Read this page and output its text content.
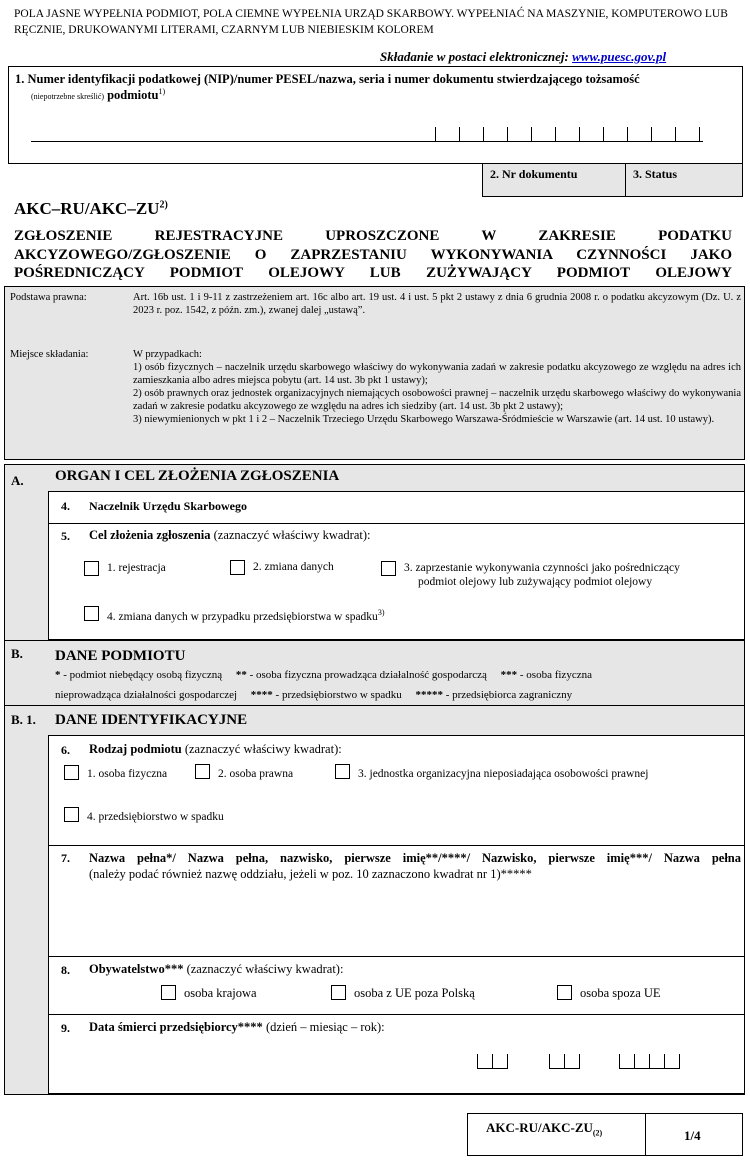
POLA JASNE WYPEŁNIA PODMIOT, POLA CIEMNE WYPEŁNIA URZĄD SKARBOWY. WYPEŁNIAĆ NA MASZYNIE, KOMPUTEROWO LUB RĘCZNIE, DRUKOWANYMI LITERAMI, CZARNYM LUB NIEBIESKIM KOLOREM
Składanie w postaci elektronicznej: www.puesc.gov.pl
1. Numer identyfikacji podatkowej (NIP)/numer PESEL/nazwa, seria i numer dokumentu stwierdzającego tożsamość
(niepotrzebne skreślić) podmiotu$^{1)}$
2. Nr dokumentu	3. Status
AKC–RU/AKC–ZU$^{2)}$
ZGŁOSZENIE REJESTRACYJNE UPROSZCZONE W ZAKRESIE PODATKU AKCYZOWEGO/ZGŁOSZENIE O ZAPRZESTANIU WYKONYWANIA CZYNNOŚCI JAKO POŚREDNICZĄCY PODMIOT OLEJOWY LUB ZUŻYWAJĄCY PODMIOT OLEJOWY
Podstawa prawna:	Art. 16b ust. 1 i 9-11 z zastrzeżeniem art. 16c albo art. 19 ust. 4 i ust. 5 pkt 2 ustawy z dnia 6 grudnia 2008 r. o podatku akcyzowym (Dz. U. z 2023 r. poz. 1542, z późn. zm.), zwanej dalej „ustawą”.
Miejsce składania:	W przypadkach:
1) osób fizycznych – naczelnik urzędu skarbowego właściwy do wykonywania zadań w zakresie podatku akcyzowego ze względu na adres ich zamieszkania albo adres miejsca pobytu (art. 14 ust. 3b pkt 1 ustawy);
2) osób prawnych oraz jednostek organizacyjnych niemających osobowości prawnej – naczelnik urzędu skarbowego właściwy do wykonywania zadań w zakresie podatku akcyzowego ze względu na adres ich siedziby (art. 14 ust. 3b pkt 2 ustawy);
3) niewymienionych w pkt 1 i 2 – Naczelnik Trzeciego Urzędu Skarbowego Warszawa-Śródmieście w Warszawie (art. 14 ust. 10 ustawy).
A. ORGAN I CEL ZŁOŻENIA ZGŁOSZENIA
4. Naczelnik Urzędu Skarbowego
5. Cel złożenia zgłoszenia (zaznaczyć właściwy kwadrat):
1. rejestracja	2. zmiana danych	3. zaprzestanie wykonywania czynności jako pośredniczący
podmiot olejowy lub zużywający podmiot olejowy
4. zmiana danych w przypadku przedsiębiorstwa w spadku$^{3)}$
B. DANE PODMIOTU
* - podmiot niebędący osobą fizyczną ** - osoba fizyczna prowadząca działalność gospodarczą *** - osoba fizyczna
nieprowadząca działalności gospodarczej **** - przedsiębiorstwo w spadku ***** - przedsiębiorca zagraniczny
B. 1. DANE IDENTYFIKACYJNE
6. Rodzaj podmiotu (zaznaczyć właściwy kwadrat):
1. osoba fizyczna	2. osoba prawna	3. jednostka organizacyjna nieposiadająca osobowości prawnej
4. przedsiębiorstwo w spadku
7. Nazwa pełna*/ Nazwa pełna, nazwisko, pierwsze imię**/****/ Nazwisko, pierwsze imię***/ Nazwa pełna
(należy podać również nazwę oddziału, jeżeli w poz. 10 zaznaczono kwadrat nr 1)*****
8. Obywatelstwo*** (zaznaczyć właściwy kwadrat):
osoba krajowa	osoba z UE poza Polską	osoba spoza UE
9. Data śmierci przedsiębiorcy**** (dzień – miesiąc – rok):
AKC-$RU/AKC-ZU_{(2)}$	1/4
